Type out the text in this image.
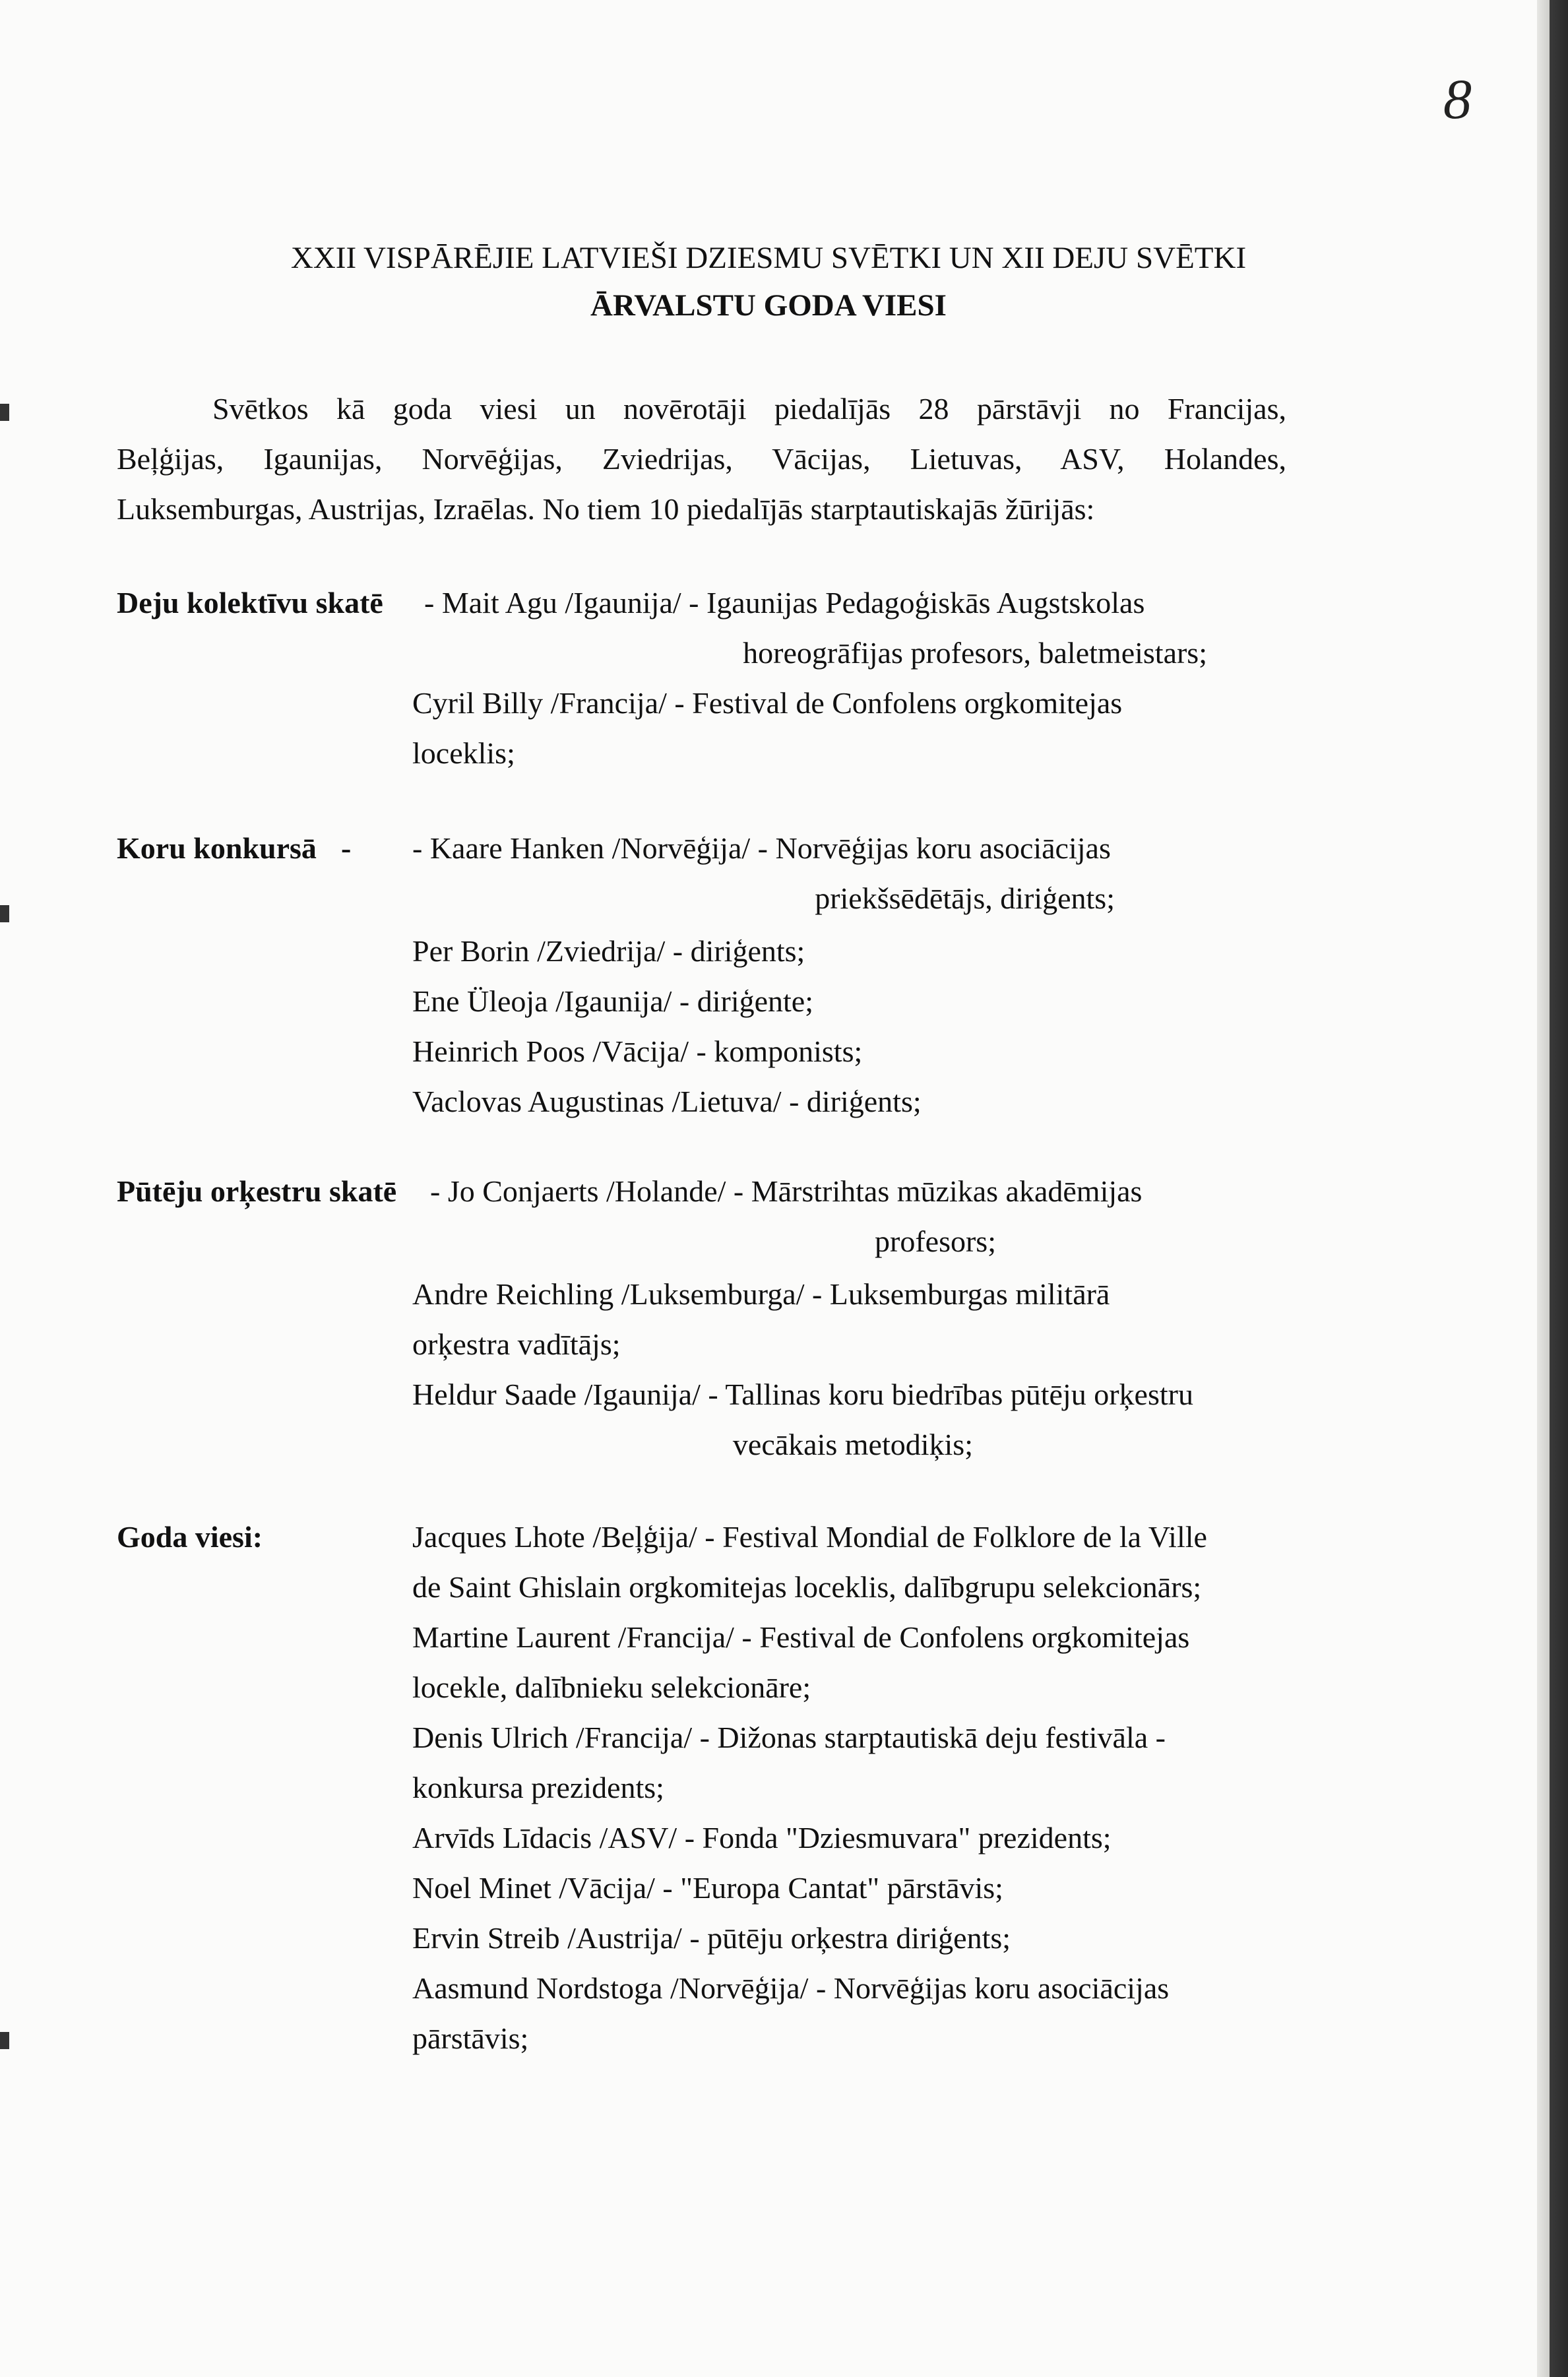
8
XXII VISPĀRĒJIE LATVIEŠI DZIESMU SVĒTKI UN XII DEJU SVĒTKI
ĀRVALSTU GODA VIESI
Svētkos kā goda viesi un novērotāji piedalījās 28 pārstāvji no Francijas,
Beļģijas, Igaunijas, Norvēģijas, Zviedrijas, Vācijas, Lietuvas, ASV, Holandes,
Luksemburgas, Austrijas, Izraēlas. No tiem 10 piedalījās starptautiskajās žūrijās:
Deju kolektīvu skatē - Mait Agu /Igaunija/ - Igaunijas Pedagoģiskās Augstskolas
horeogrāfijas profesors, baletmeistars;
Cyril Billy /Francija/ - Festival de Confolens orgkomitejas
loceklis;
Koru konkursā - - Kaare Hanken /Norvēģija/ - Norvēģijas koru asociācijas
priekšsēdētājs, diriģents;
Per Borin /Zviedrija/ - diriģents;
Ene Üleoja /Igaunija/ - diriģente;
Heinrich Poos /Vācija/ - komponists;
Vaclovas Augustinas /Lietuva/ - diriģents;
Pūtēju orķestru skatē - Jo Conjaerts /Holande/ - Mārstrihtas mūzikas akadēmijas
profesors;
Andre Reichling /Luksemburga/ - Luksemburgas militārā
orķestra vadītājs;
Heldur Saade /Igaunija/ - Tallinas koru biedrības pūtēju orķestru
vecākais metodiķis;
Goda viesi:	Jacques Lhote /Beļģija/ - Festival Mondial de Folklore de la Ville
de Saint Ghislain orgkomitejas loceklis, dalībgrupu selekcionārs;
Martine Laurent /Francija/ - Festival de Confolens orgkomitejas
locekle, dalībnieku selekcionāre;
Denis Ulrich /Francija/ - Dižonas starptautiskā deju festivāla -
konkursa prezidents;
Arvīds Līdacis /ASV/ - Fonda "Dziesmuvara" prezidents;
Noel Minet /Vācija/ - "Europa Cantat" pārstāvis;
Ervin Streib /Austrija/ - pūtēju orķestra diriģents;
Aasmund Nordstoga /Norvēģija/ - Norvēģijas koru asociācijas
pārstāvis;
